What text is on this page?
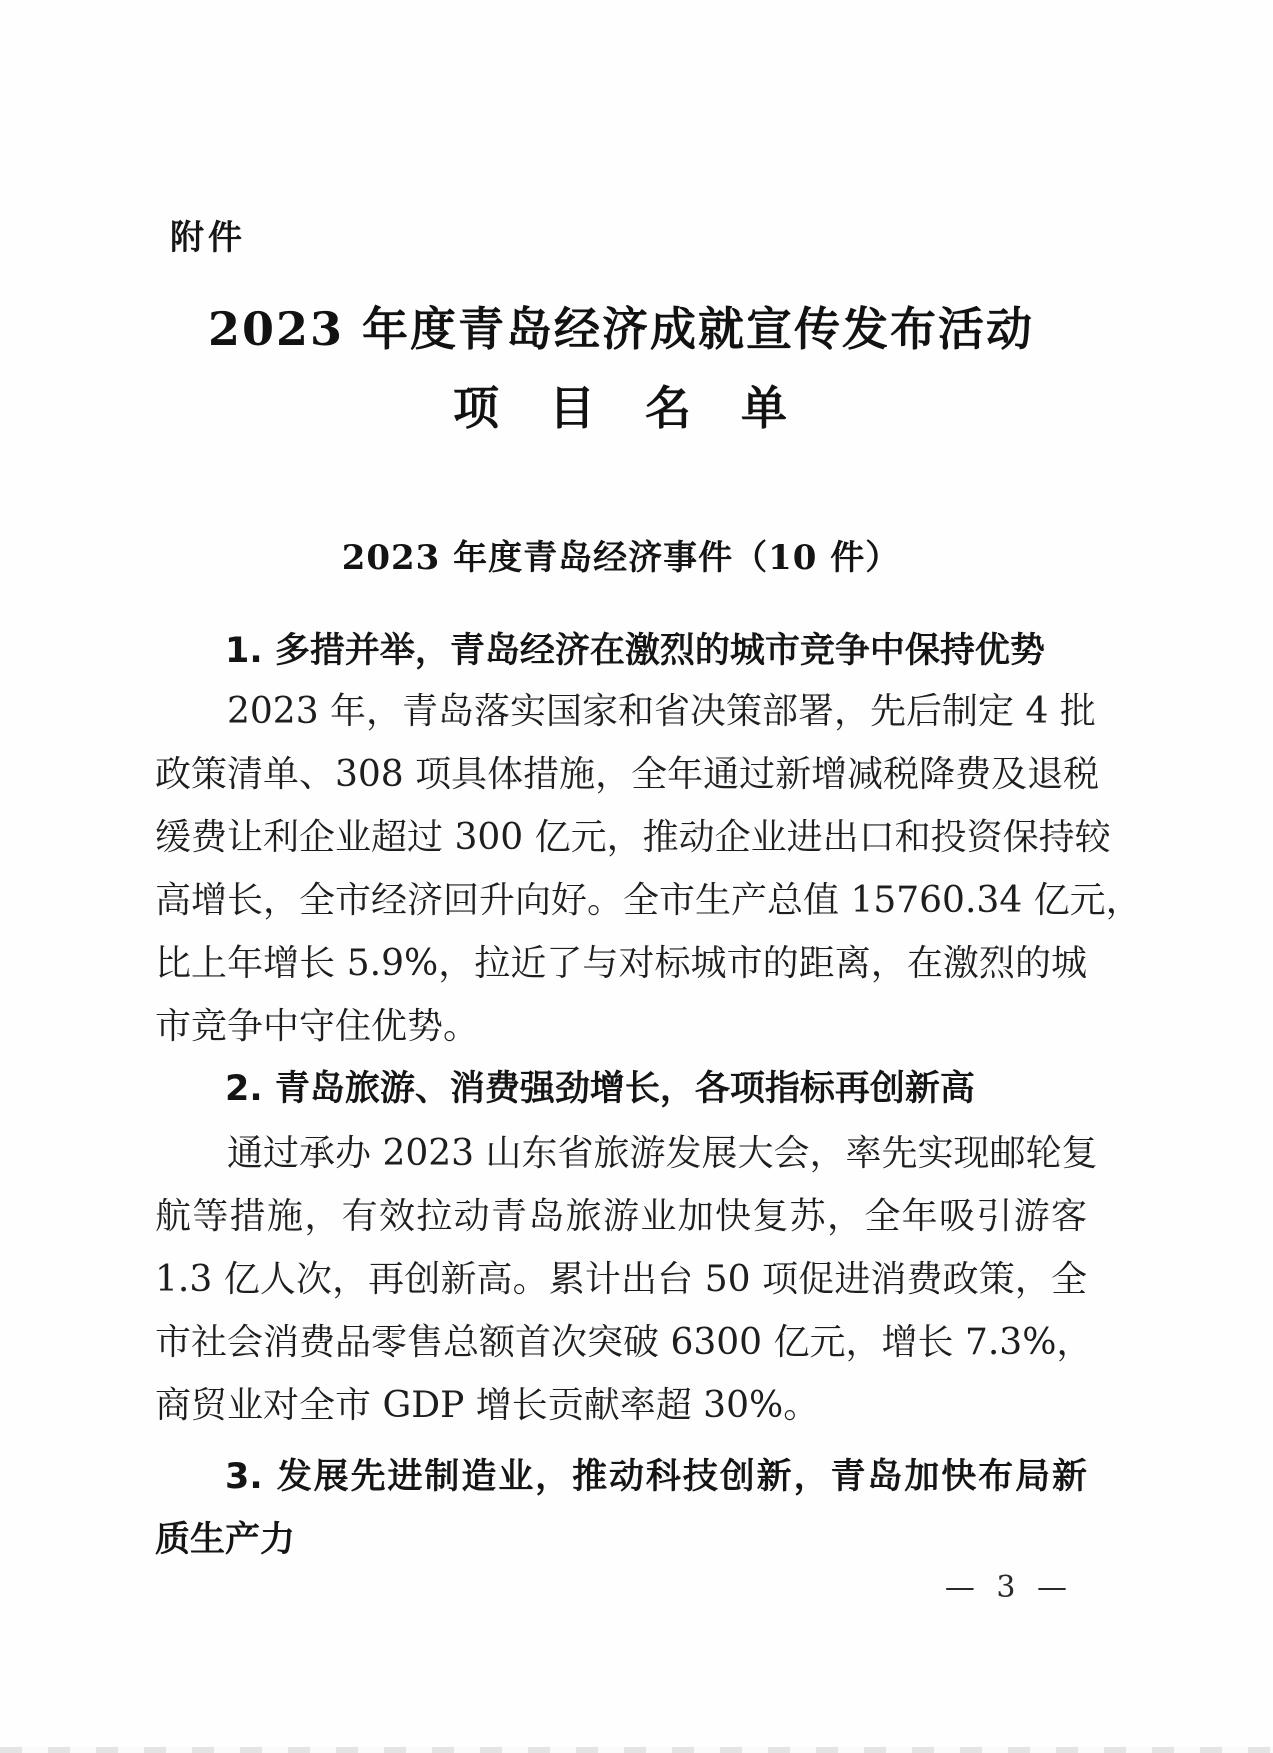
附件
2023 年度青岛经济成就宣传发布活动
项　目　名　单
2023 年度青岛经济事件（10 件）
1. 多措并举，青岛经济在激烈的城市竞争中保持优势
2023 年，青岛落实国家和省决策部署，先后制定 4 批
政策清单、308 项具体措施，全年通过新增减税降费及退税
缓费让利企业超过 300 亿元，推动企业进出口和投资保持较
高增长，全市经济回升向好。全市生产总值 15760.34 亿元，
比上年增长 5.9%，拉近了与对标城市的距离，在激烈的城
市竞争中守住优势。
2. 青岛旅游、消费强劲增长，各项指标再创新高
通过承办 2023 山东省旅游发展大会，率先实现邮轮复
航等措施，有效拉动青岛旅游业加快复苏，全年吸引游客
1.3 亿人次，再创新高。累计出台 50 项促进消费政策，全
市社会消费品零售总额首次突破 6300 亿元，增长 7.3%，
商贸业对全市 GDP 增长贡献率超 30%。
3. 发展先进制造业，推动科技创新，青岛加快布局新
质生产力
— 3 —
